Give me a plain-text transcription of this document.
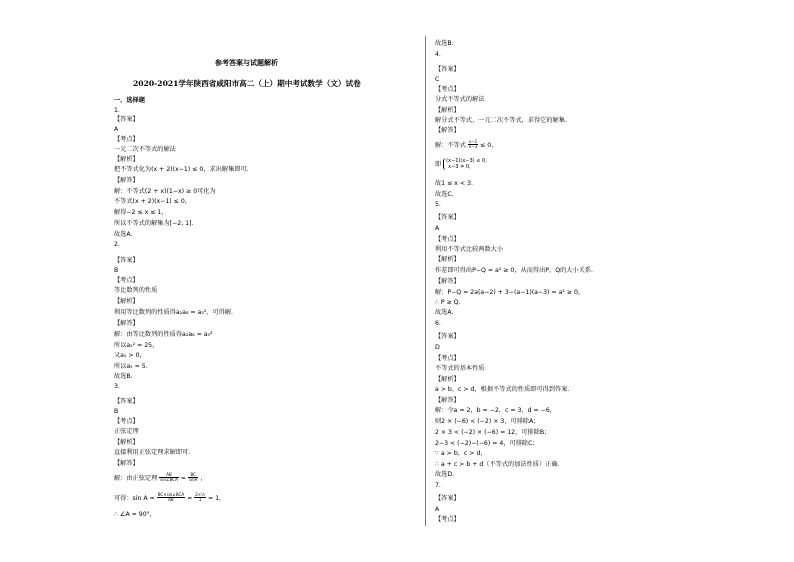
参考答案与试题解析
2020-2021学年陕西省咸阳市高二（上）期中考试数学（文）试卷
一、选择题
1.
【答案】
A
【考点】
一元二次不等式的解法
【解析】
把不等式化为(x + 2)(x−1) ≤ 0，求出解集即可.
【解答】
解：不等式(2 + x)(1−x) ≥ 0可化为
不等式(x + 2)(x−1) ≤ 0，
解得−2 ≤ x ≤ 1，
所以不等式的解集为[−2, 1].
故选A.
2.
【答案】
B
【考点】
等比数列的性质
【解析】
利用等比数列的性质得a₂a₈ = a₅²，可得解.
【解答】
解：由等比数列的性质得a₂a₈ = a₅²
所以a₅² = 25，
又a₅ > 0，
所以a₅ = 5.
故选B.
3.
【答案】
B
【考点】
正弦定理
【解析】
直接利用正弦定理求解即可.
【解答】
解：由正弦定理 $\frac{AB}{\text{sin∠BCA}} = \frac{BC}{\sin A}$ ，
可得：$\sin A = \frac{\text{BC×sin∠BCA}}{AB} = \frac{\text{2×½}}{1} = 1$，
∴ ∠A = 90°，
故选B.
4.
【答案】
C
【考点】
分式不等式的解法
【解析】
解分式不等式，一元二次不等式，求得它的解集.
【解答】
解：不等式 $\frac{x-1}{x-3} \le 0$，
即 (x−1)(x−3) ≤ 0，
x−3 ≠ 0，
故1 ≤ x < 3.
故选C.
5.
【答案】
A
【考点】
利用不等式比较两数大小
【解析】
作差即可得出P−Q = a² ≥ 0，从而得出P，Q的大小关系.
【解答】
解：P−Q = 2a(a−2) + 3−(a−1)(a−3) = a² ≥ 0，
∴ P ≥ Q.
故选A.
6.
【答案】
D
【考点】
不等式的基本性质
【解析】
a > b，c > d，根据不等式的性质即可得到答案.
【解答】
解：令a = 2，b = −2，c = 3，d = −6，
则2 × (−6) < (−2) × 3，可排除A；
2 × 3 < (−2) × (−6) = 12，可排除B；
2−3 < (−2)−(−6) = 4，可排除C；
∵ a > b，c > d，
∴ a + c > b + d（不等式的加法性质）正确.
故选D.
7.
【答案】
A
【考点】
